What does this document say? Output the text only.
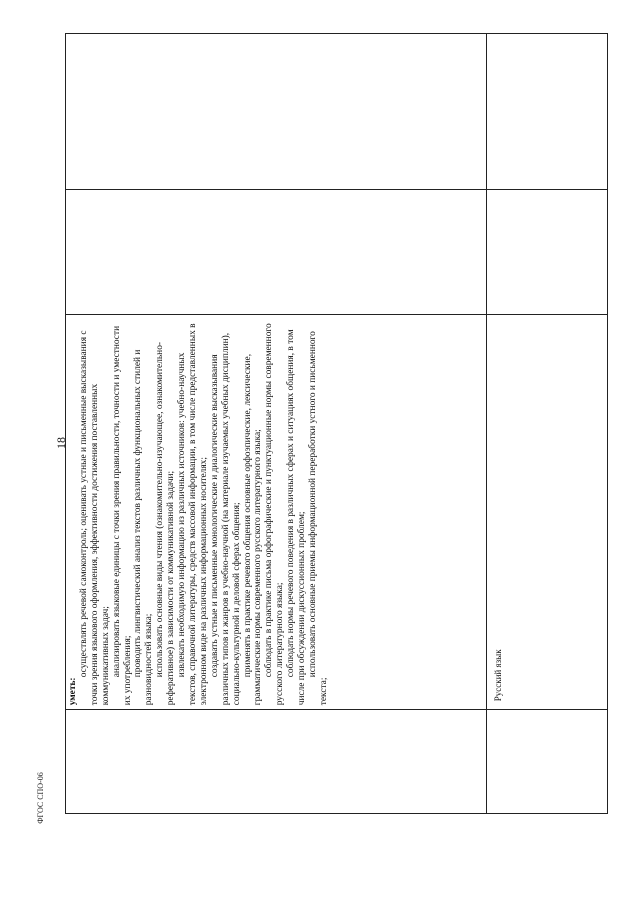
18

уметь:

осуществлять речевой самоконтроль; оценивать устные и письменные высказывания с точки зрения языкового оформления, эффективности достижения поставленных коммуникативных задач; анализировать языковые единицы с точки зрения правильности, точности и уместности их употребления; проводить лингвистический анализ текстов различных функциональных стилей и разновидностей языка; использовать основные виды чтения (ознакомительно-изучающее, ознакомительно-реферативное) в зависимости от коммуникативной задачи; извлекать необходимую информацию из различных источников: учебно-научных текстов, справочной литературы, средств массовой информации, в том числе представленных в электронном виде на различных информационных носителях; создавать устные и письменные монологические и диалогические высказывания различных типов и жанров в учебно-научной (на материале изучаемых учебных дисциплин), социально-культурной и деловой сферах общения; применять в практике речевого общения основные орфоэпические, лексические, грамматические нормы современного русского литературного языка; соблюдать в практике письма орфографические и пунктуационные нормы современного русского литературного языка; соблюдать нормы речевого поведения в различных сферах и ситуациях общения, в том числе при обсуждении дискуссионных проблем; использовать основные приемы информационной переработки устного и письменного текста;	Русский язык
ФГОС СПО-06
